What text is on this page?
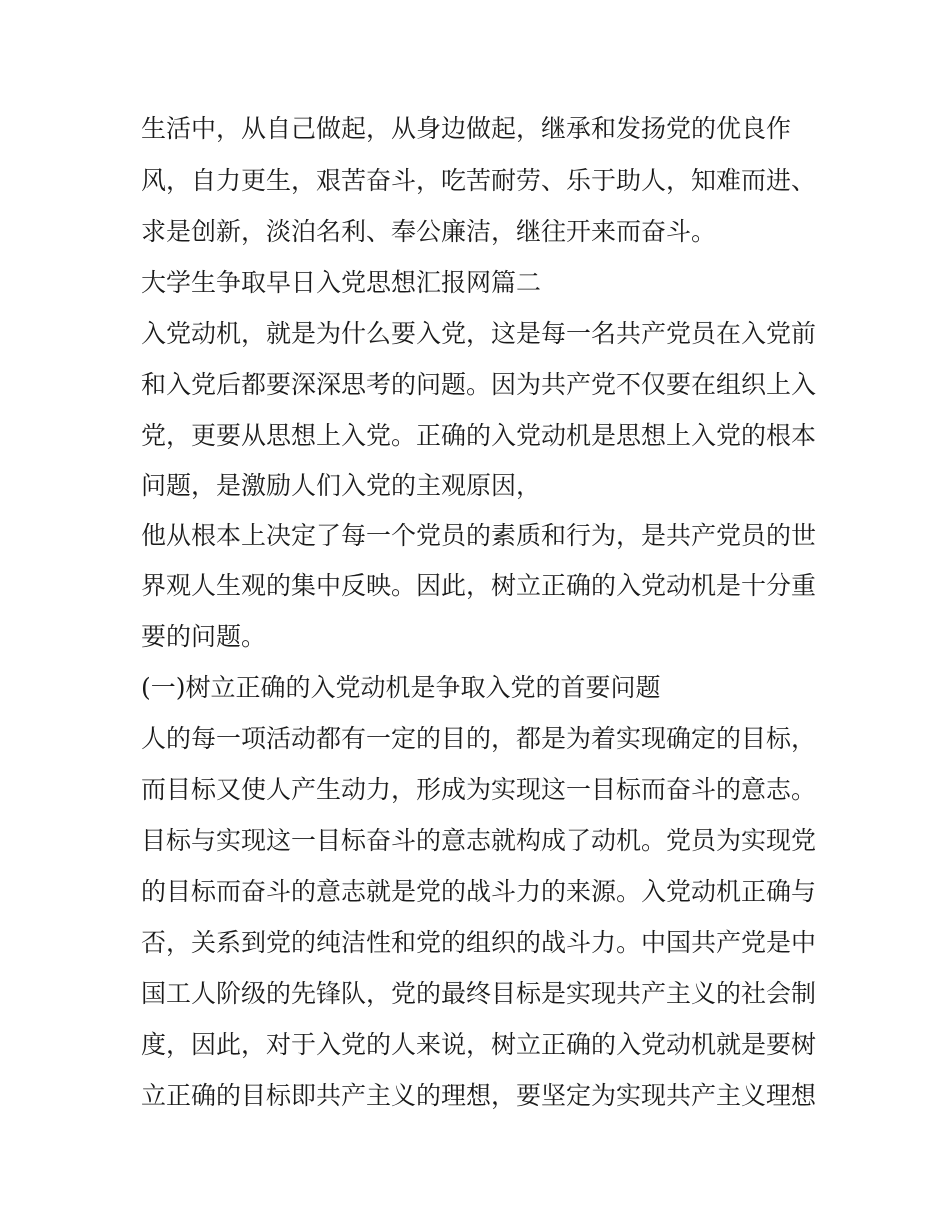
生活中，从自己做起，从身边做起，继承和发扬党的优良作
风，自力更生，艰苦奋斗，吃苦耐劳、乐于助人，知难而进、
求是创新，淡泊名利、奉公廉洁，继往开来而奋斗。
大学生争取早日入党思想汇报网篇二
入党动机，就是为什么要入党，这是每一名共产党员在入党前
和入党后都要深深思考的问题。因为共产党不仅要在组织上入
党，更要从思想上入党。正确的入党动机是思想上入党的根本
问题，是激励人们入党的主观原因，
他从根本上决定了每一个党员的素质和行为，是共产党员的世
界观人生观的集中反映。因此，树立正确的入党动机是十分重
要的问题。
(一)树立正确的入党动机是争取入党的首要问题
人的每一项活动都有一定的目的，都是为着实现确定的目标，
而目标又使人产生动力，形成为实现这一目标而奋斗的意志。
目标与实现这一目标奋斗的意志就构成了动机。党员为实现党
的目标而奋斗的意志就是党的战斗力的来源。入党动机正确与
否，关系到党的纯洁性和党的组织的战斗力。中国共产党是中
国工人阶级的先锋队，党的最终目标是实现共产主义的社会制
度，因此，对于入党的人来说，树立正确的入党动机就是要树
立正确的目标即共产主义的理想，要坚定为实现共产主义理想
